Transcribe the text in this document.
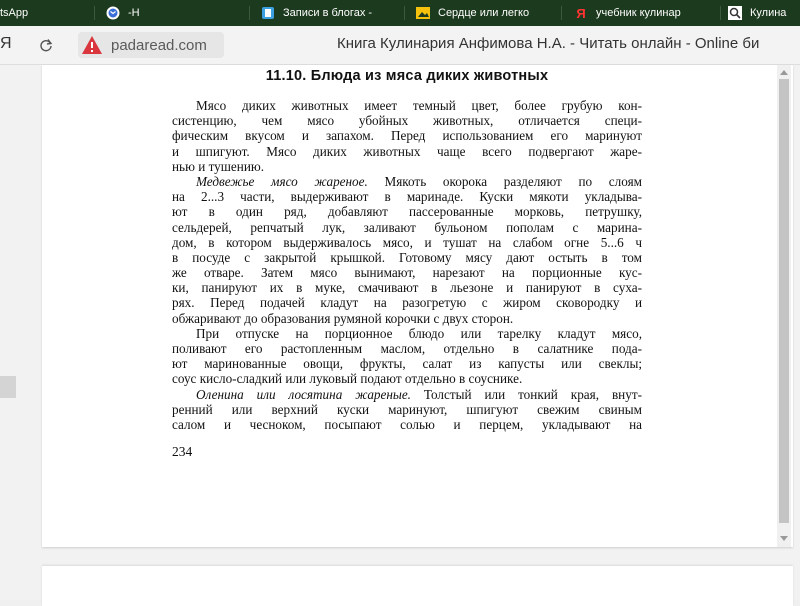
tsApp	-Н	Записи в блогах -	Сердце или легко	Я учебник кулинар	Кулина
Я	padaread.com	Книга Кулинария Анфимова Н.А. - Читать онлайн - Online би
11.10. Блюда из мяса диких животных
Мясо диких животных имеет темный цвет, более грубую кон-
систенцию, чем мясо убойных животных, отличается специ-
фическим вкусом и запахом. Перед использованием его маринуют
и шпигуют. Мясо диких животных чаще всего подвергают жаре-
нью и тушению.
Медвежье мясо жареное. Мякоть окорока разделяют по слоям
на 2...3 части, выдерживают в маринаде. Куски мякоти укладыва-
ют в один ряд, добавляют пассерованные морковь, петрушку,
сельдерей, репчатый лук, заливают бульоном пополам с марина-
дом, в котором выдерживалось мясо, и тушат на слабом огне 5...6 ч
в посуде с закрытой крышкой. Готовому мясу дают остыть в том
же отваре. Затем мясо вынимают, нарезают на порционные кус-
ки, панируют их в муке, смачивают в льезоне и панируют в суха-
рях. Перед подачей кладут на разогретую с жиром сковородку и
обжаривают до образования румяной корочки с двух сторон.
При отпуске на порционное блюдо или тарелку кладут мясо,
поливают его растопленным маслом, отдельно в салатнике пода-
ют маринованные овощи, фрукты, салат из капусты или свеклы;
соус кисло-сладкий или луковый подают отдельно в соуснике.
Оленина или лосятина жареные. Толстый или тонкий края, внут-
ренний или верхний куски маринуют, шпигуют свежим свиным
салом и чесноком, посыпают солью и перцем, укладывают на
234
